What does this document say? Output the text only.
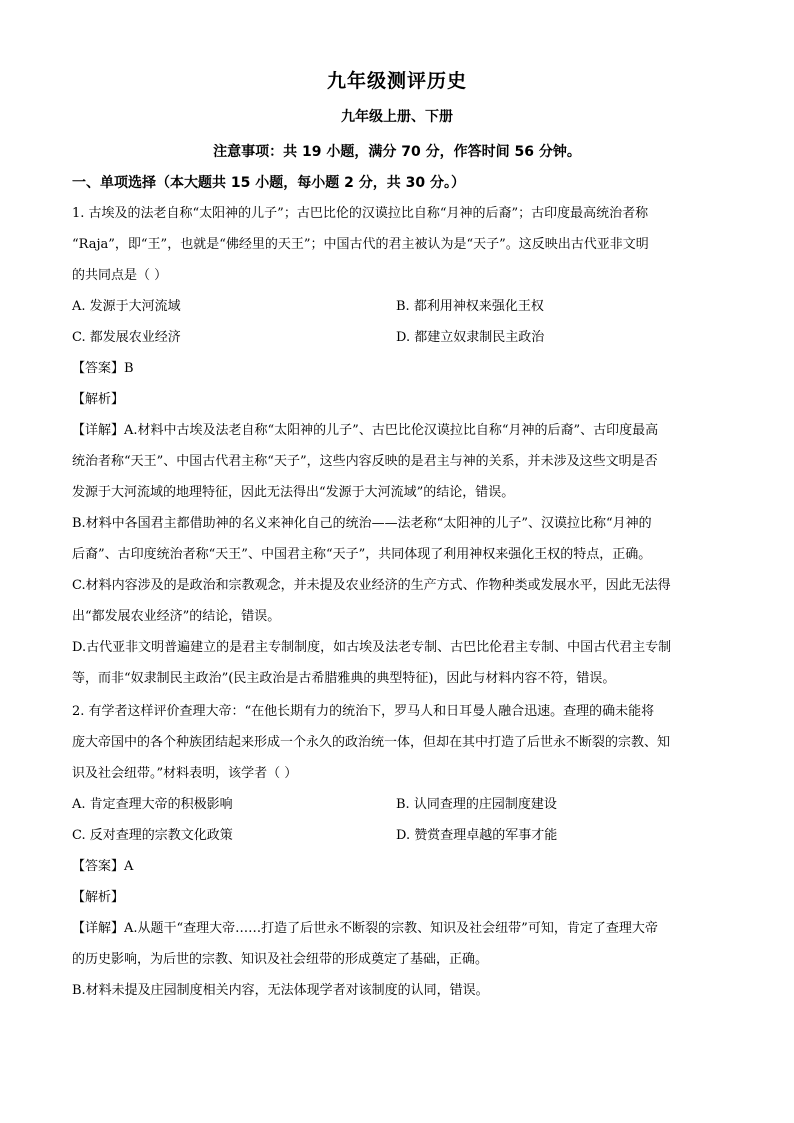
九年级测评历史
九年级上册、下册
注意事项：共 19 小题，满分 70 分，作答时间 56 分钟。
一、单项选择（本大题共 15 小题，每小题 2 分，共 30 分。）
1. 古埃及的法老自称“太阳神的儿子”；古巴比伦的汉谟拉比自称“月神的后裔”；古印度最高统治者称
“Raja”，即“王”，也就是“佛经里的天王”；中国古代的君主被认为是“天子”。这反映出古代亚非文明
的共同点是（ ）
A. 发源于大河流域	B. 都利用神权来强化王权
C. 都发展农业经济	D. 都建立奴隶制民主政治
【答案】B
【解析】
【详解】A.材料中古埃及法老自称“太阳神的儿子”、古巴比伦汉谟拉比自称“月神的后裔”、古印度最高
统治者称“天王”、中国古代君主称“天子”，这些内容反映的是君主与神的关系，并未涉及这些文明是否
发源于大河流域的地理特征，因此无法得出“发源于大河流域”的结论，错误。
B.材料中各国君主都借助神的名义来神化自己的统治——法老称“太阳神的儿子”、汉谟拉比称“月神的
后裔”、古印度统治者称“天王”、中国君主称“天子”，共同体现了利用神权来强化王权的特点，正确。
C.材料内容涉及的是政治和宗教观念，并未提及农业经济的生产方式、作物种类或发展水平，因此无法得
出“都发展农业经济”的结论，错误。
D.古代亚非文明普遍建立的是君主专制制度，如古埃及法老专制、古巴比伦君主专制、中国古代君主专制
等，而非“奴隶制民主政治”(民主政治是古希腊雅典的典型特征)，因此与材料内容不符，错误。
2. 有学者这样评价查理大帝：“在他长期有力的统治下，罗马人和日耳曼人融合迅速。查理的确未能将
庞大帝国中的各个种族团结起来形成一个永久的政治统一体，但却在其中打造了后世永不断裂的宗教、知
识及社会纽带。”材料表明，该学者（ ）
A. 肯定查理大帝的积极影响	B. 认同查理的庄园制度建设
C. 反对查理的宗教文化政策	D. 赞赏查理卓越的军事才能
【答案】A
【解析】
【详解】A.从题干“查理大帝……打造了后世永不断裂的宗教、知识及社会纽带”可知，肯定了查理大帝
的历史影响，为后世的宗教、知识及社会纽带的形成奠定了基础，正确。
B.材料未提及庄园制度相关内容，无法体现学者对该制度的认同，错误。
